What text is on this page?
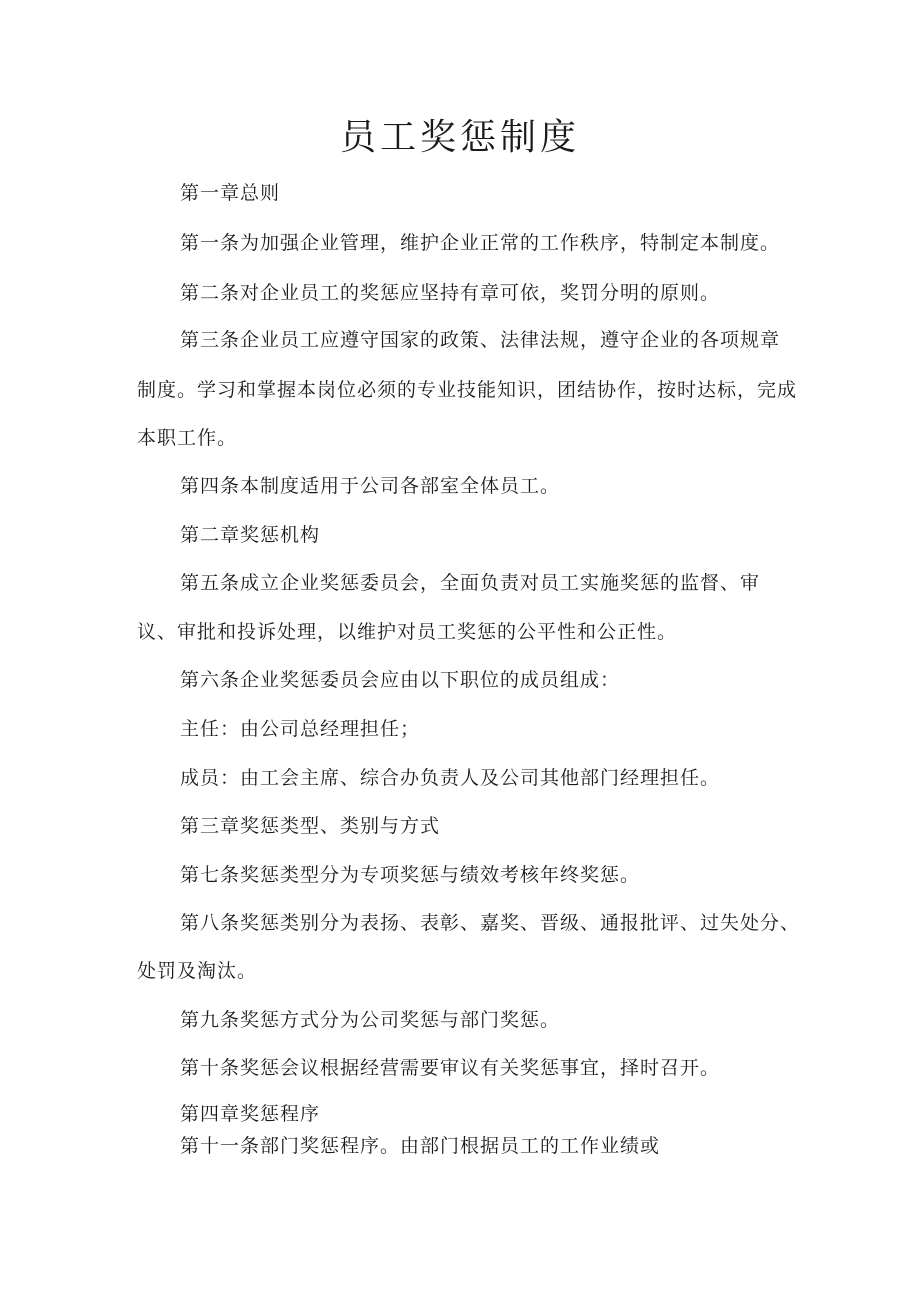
员工奖惩制度
第一章总则
第一条为加强企业管理，维护企业正常的工作秩序，特制定本制度。
第二条对企业员工的奖惩应坚持有章可依，奖罚分明的原则。
第三条企业员工应遵守国家的政策、法律法规，遵守企业的各项规章
制度。学习和掌握本岗位必须的专业技能知识，团结协作，按时达标，完成
本职工作。
第四条本制度适用于公司各部室全体员工。
第二章奖惩机构
第五条成立企业奖惩委员会，全面负责对员工实施奖惩的监督、审
议、审批和投诉处理，以维护对员工奖惩的公平性和公正性。
第六条企业奖惩委员会应由以下职位的成员组成：
主任：由公司总经理担任；
成员：由工会主席、综合办负责人及公司其他部门经理担任。
第三章奖惩类型、类别与方式
第七条奖惩类型分为专项奖惩与绩效考核年终奖惩。
第八条奖惩类别分为表扬、表彰、嘉奖、晋级、通报批评、过失处分、
处罚及淘汰。
第九条奖惩方式分为公司奖惩与部门奖惩。
第十条奖惩会议根据经营需要审议有关奖惩事宜，择时召开。
第四章奖惩程序
第十一条部门奖惩程序。由部门根据员工的工作业绩或
